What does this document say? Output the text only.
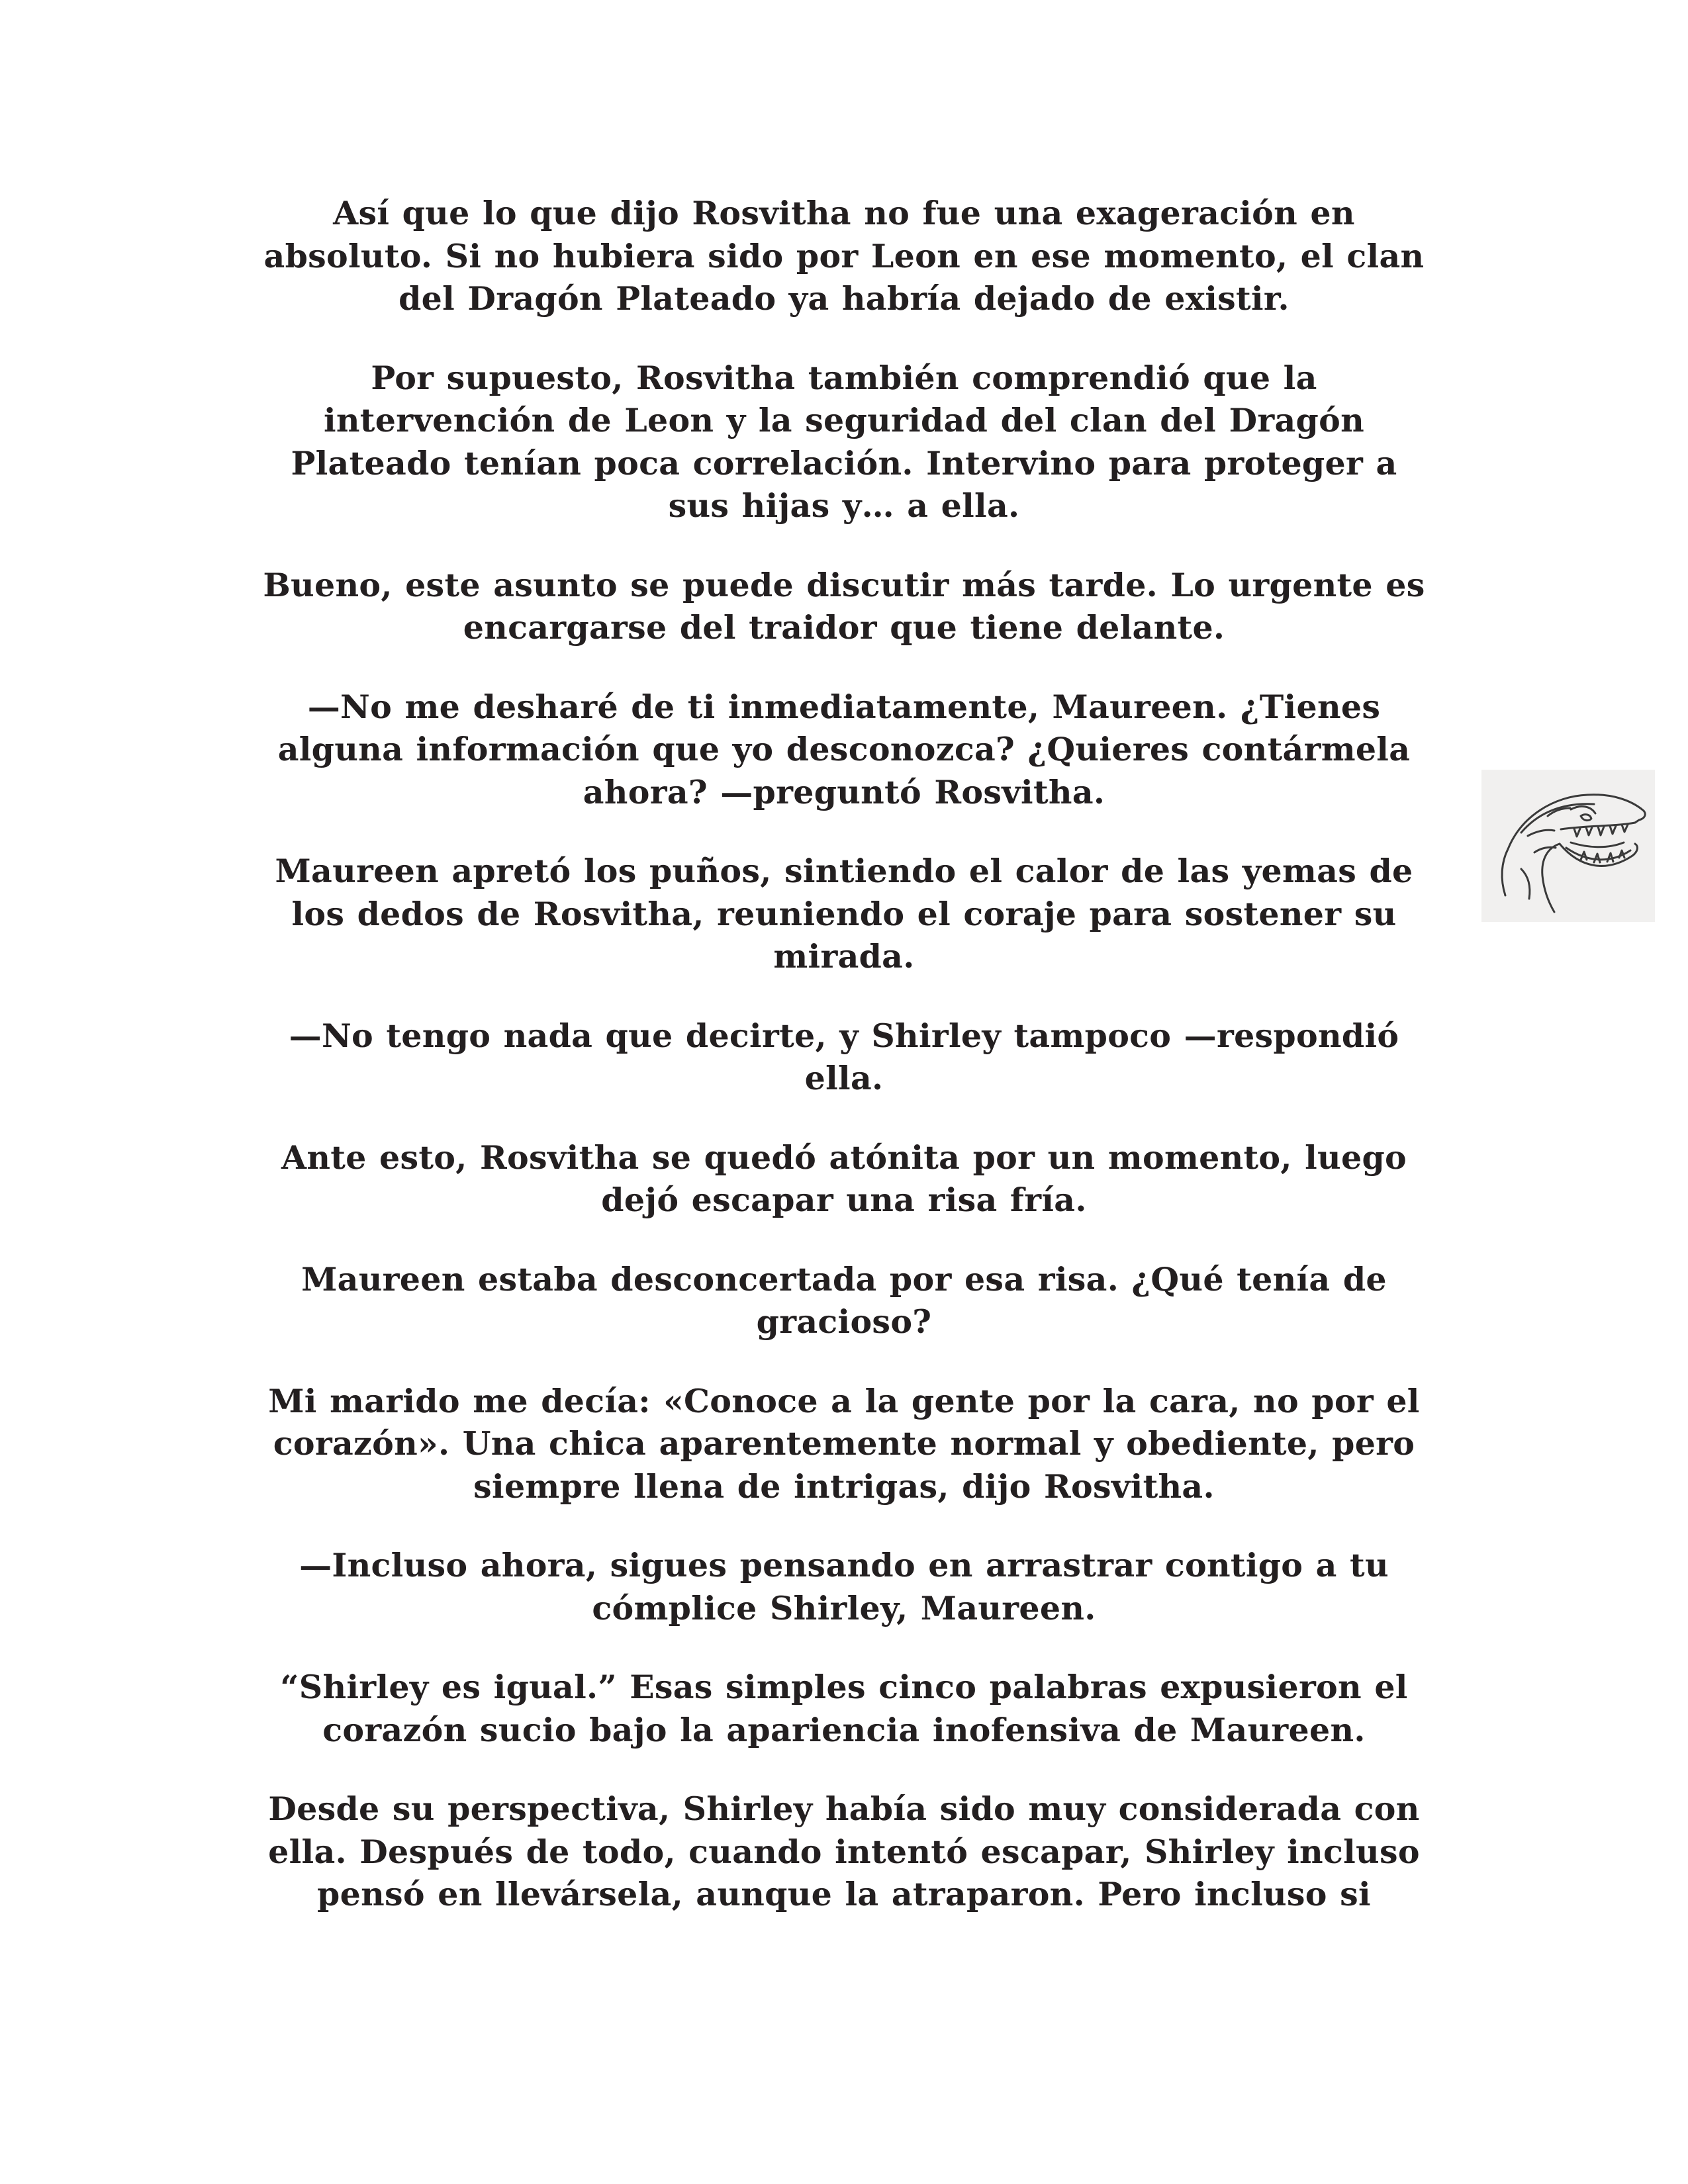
Así que lo que dijo Rosvitha no fue una exageración en
absoluto. Si no hubiera sido por Leon en ese momento, el clan
del Dragón Plateado ya habría dejado de existir.

Por supuesto, Rosvitha también comprendió que la
intervención de Leon y la seguridad del clan del Dragón
Plateado tenían poca correlación. Intervino para proteger a
sus hijas y… a ella.

Bueno, este asunto se puede discutir más tarde. Lo urgente es
encargarse del traidor que tiene delante.

—No me desharé de ti inmediatamente, Maureen. ¿Tienes
alguna información que yo desconozca? ¿Quieres contármela
ahora? —preguntó Rosvitha.

Maureen apretó los puños, sintiendo el calor de las yemas de
los dedos de Rosvitha, reuniendo el coraje para sostener su
mirada.

—No tengo nada que decirte, y Shirley tampoco —respondió
ella.

Ante esto, Rosvitha se quedó atónita por un momento, luego
dejó escapar una risa fría.

Maureen estaba desconcertada por esa risa. ¿Qué tenía de
gracioso?

Mi marido me decía: «Conoce a la gente por la cara, no por el
corazón». Una chica aparentemente normal y obediente, pero
siempre llena de intrigas, dijo Rosvitha.

—Incluso ahora, sigues pensando en arrastrar contigo a tu
cómplice Shirley, Maureen.

“Shirley es igual.” Esas simples cinco palabras expusieron el
corazón sucio bajo la apariencia inofensiva de Maureen.

Desde su perspectiva, Shirley había sido muy considerada con
ella. Después de todo, cuando intentó escapar, Shirley incluso
pensó en llevársela, aunque la atraparon. Pero incluso si
